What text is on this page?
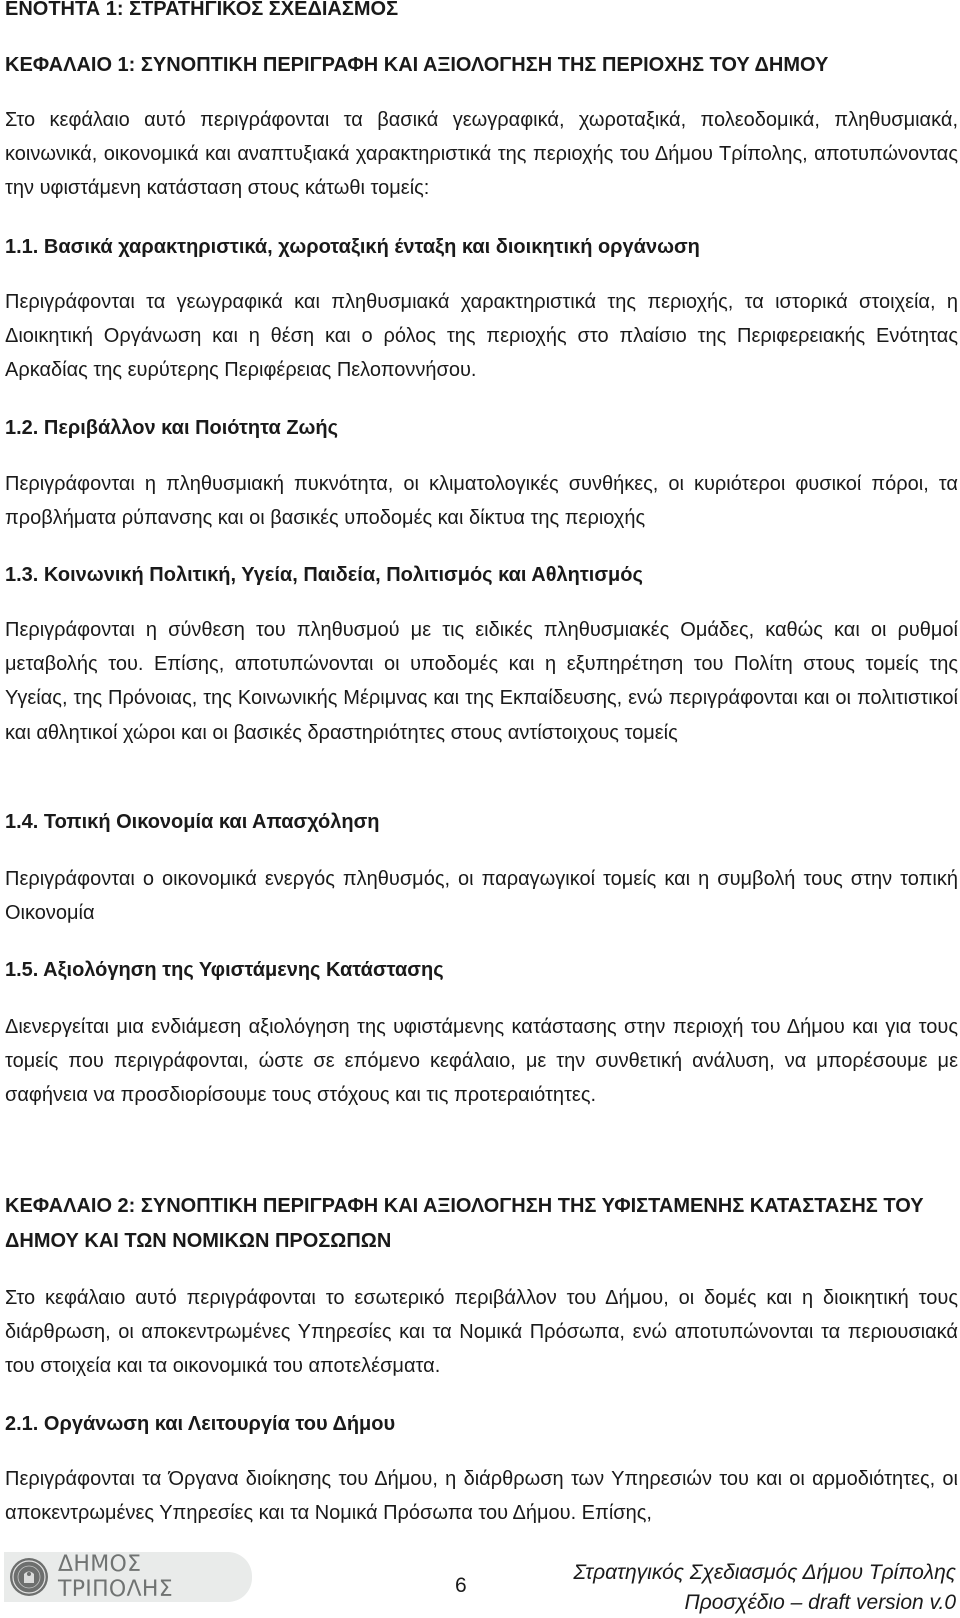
ΕΝΟΤΗΤΑ 1: ΣΤΡΑΤΗΓΙΚΟΣ ΣΧΕΔΙΑΣΜΟΣ
ΚΕΦΑΛΑΙΟ 1: ΣΥΝΟΠΤΙΚΗ ΠΕΡΙΓΡΑΦΗ ΚΑΙ ΑΞΙΟΛΟΓΗΣΗ ΤΗΣ ΠΕΡΙΟΧΗΣ ΤΟΥ ΔΗΜΟΥ
Στο κεφάλαιο αυτό περιγράφονται τα βασικά γεωγραφικά, χωροταξικά, πολεοδομικά, πληθυσμιακά, κοινωνικά, οικονομικά και αναπτυξιακά χαρακτηριστικά της περιοχής του Δήμου Τρίπολης, αποτυπώνοντας την υφιστάμενη κατάσταση στους κάτωθι τομείς:
1.1. Βασικά χαρακτηριστικά, χωροταξική ένταξη και διοικητική οργάνωση
Περιγράφονται τα γεωγραφικά και πληθυσμιακά χαρακτηριστικά της περιοχής, τα ιστορικά στοιχεία, η Διοικητική Οργάνωση και η θέση και ο ρόλος της περιοχής στο πλαίσιο της Περιφερειακής Ενότητας Αρκαδίας της ευρύτερης Περιφέρειας Πελοποννήσου.
1.2. Περιβάλλον και Ποιότητα Ζωής
Περιγράφονται η πληθυσμιακή πυκνότητα, οι κλιματολογικές συνθήκες, οι κυριότεροι φυσικοί πόροι, τα προβλήματα ρύπανσης και οι βασικές υποδομές και δίκτυα της περιοχής
1.3. Κοινωνική Πολιτική, Υγεία, Παιδεία, Πολιτισμός και Αθλητισμός
Περιγράφονται η σύνθεση του πληθυσμού με τις ειδικές πληθυσμιακές Ομάδες, καθώς και οι ρυθμοί μεταβολής του. Επίσης, αποτυπώνονται οι υποδομές και η εξυπηρέτηση του Πολίτη στους τομείς της Υγείας, της Πρόνοιας, της Κοινωνικής Μέριμνας και της Εκπαίδευσης, ενώ περιγράφονται και οι πολιτιστικοί και αθλητικοί χώροι και οι βασικές δραστηριότητες στους αντίστοιχους τομείς
1.4. Τοπική Οικονομία και Απασχόληση
Περιγράφονται ο οικονομικά ενεργός πληθυσμός, οι παραγωγικοί τομείς και η συμβολή τους στην τοπική Οικονομία
1.5. Αξιολόγηση της Υφιστάμενης Κατάστασης
Διενεργείται μια ενδιάμεση αξιολόγηση της υφιστάμενης κατάστασης στην περιοχή του Δήμου και για τους τομείς που περιγράφονται, ώστε σε επόμενο κεφάλαιο, με την συνθετική ανάλυση, να μπορέσουμε με σαφήνεια να προσδιορίσουμε τους στόχους και τις προτεραιότητες.
ΚΕΦΑΛΑΙΟ 2: ΣΥΝΟΠΤΙΚΗ ΠΕΡΙΓΡΑΦΗ ΚΑΙ ΑΞΙΟΛΟΓΗΣΗ ΤΗΣ ΥΦΙΣΤΑΜΕΝΗΣ ΚΑΤΑΣΤΑΣΗΣ ΤΟΥ ΔΗΜΟΥ ΚΑΙ ΤΩΝ ΝΟΜΙΚΩΝ ΠΡΟΣΩΠΩΝ
Στο κεφάλαιο αυτό περιγράφονται το εσωτερικό περιβάλλον του Δήμου, οι δομές και η διοικητική τους διάρθρωση, οι αποκεντρωμένες Υπηρεσίες και τα Νομικά Πρόσωπα, ενώ αποτυπώνονται τα περιουσιακά του στοιχεία και τα οικονομικά του αποτελέσματα.
2.1. Οργάνωση και Λειτουργία του Δήμου
Περιγράφονται τα Όργανα διοίκησης του Δήμου, η διάρθρωση των Υπηρεσιών του και οι αρμοδιότητες, οι αποκεντρωμένες Υπηρεσίες και τα Νομικά Πρόσωπα του Δήμου. Επίσης,
ΔΗΜΟΣ ΤΡΙΠΟΛΗΣ	6
Στρατηγικός Σχεδιασμός Δήμου Τρίπολης
Προσχέδιο – draft version v.0
